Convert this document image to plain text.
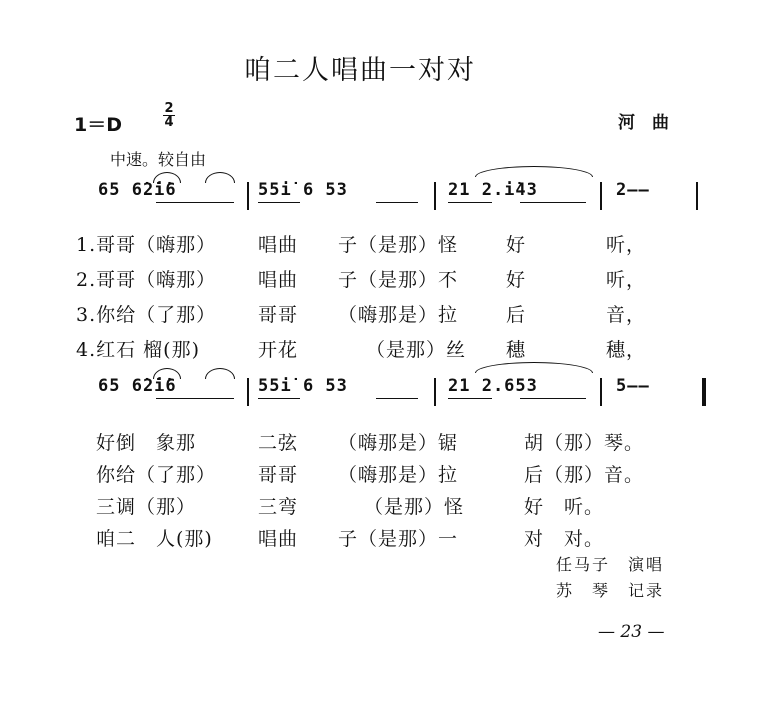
咱二人唱曲一对对
1＝D
2
4	河　曲
中速。较自由
65 6̇2̇i̇6	55i̇ 6 53	21 2.i̇43	2——
1.哥哥（嗨那） 唱曲 子（是那）怪	好	听，
2.哥哥（嗨那） 唱曲 子（是那）不	好	听，
3.你给（了那） 哥哥 （嗨那是）拉	后	音，
4.红石 榴(那)	开花	（是那）丝 穗	穗，
65 6̇2̇i̇6	55i̇ 6 53	21 2.653	5——
好倒　象那	二弦 （嗨那是）锯	胡（那）琴。
你给（了那） 哥哥 （嗨那是）拉	后（那）音。
三调（那）	三弯	（是那）怪	好　听。
咱二　人(那) 唱曲 子（是那）一	对　对。
任马子　演唱
苏　琴　记录
— 23 —
